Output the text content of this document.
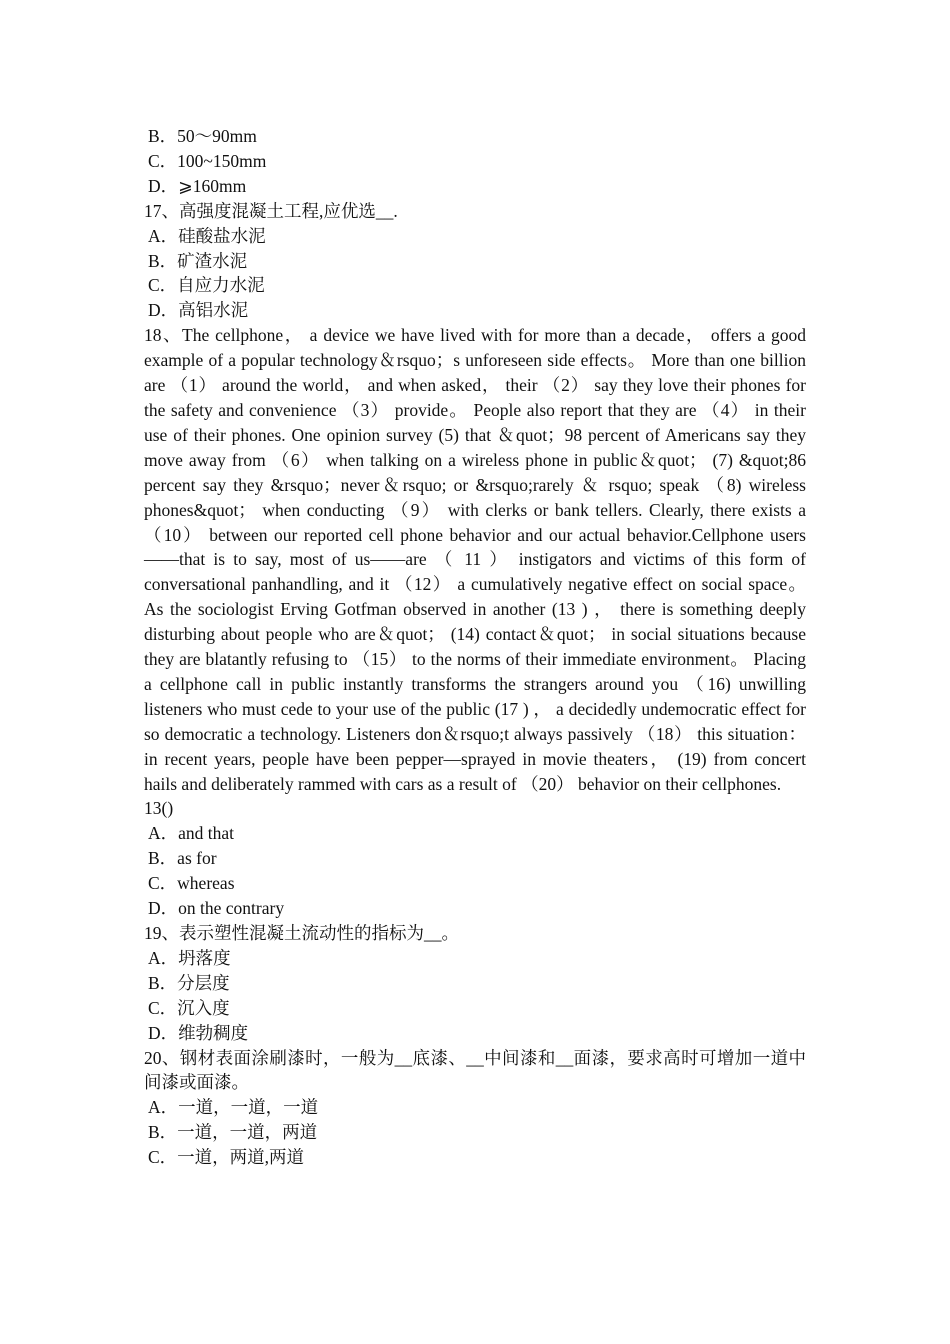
B．50～90mm
C．100~150mm
D．⩾160mm
17、高强度混凝土工程,应优选__.
A．硅酸盐水泥
B．矿渣水泥
C．自应力水泥
D．高铝水泥
18、The cellphone， a device we have lived with for more than a decade， offers a good example of a popular technology＆rsquo；s unforeseen side effects。 More than one billion are （1） around the world， and when asked， their （2） say they love their phones for the safety and convenience （3） provide。 People also report that they are （4） in their use of their phones. One opinion survey (5) that ＆quot；98 percent of Americans say they move away from （6） when talking on a wireless phone in public＆quot； (7) &quot;86 percent say they &rsquo；never＆rsquo; or &rsquo;rarely ＆ rsquo; speak （8) wireless phones&quot； when conducting （9） with clerks or bank tellers. Clearly, there exists a （10） between our reported cell phone behavior and our actual behavior.Cellphone users——that is to say, most of us——are （ 11 ） instigators and victims of this form of conversational panhandling, and it （12） a cumulatively negative effect on social space。 As the sociologist Erving Gotfman observed in another (13 ) ， there is something deeply disturbing about people who are＆quot； (14) contact＆quot； in social situations because they are blatantly refusing to （15） to the norms of their immediate environment。 Placing a cellphone call in public instantly transforms the strangers around you （16) unwilling listeners who must cede to your use of the public (17 ) ， a decidedly undemocratic effect for so democratic a technology. Listeners don＆rsquo;t always passively （18） this situation： in recent years, people have been pepper—sprayed in movie theaters， (19) from concert hails and deliberately rammed with cars as a result of （20） behavior on their cellphones.
13()
A．and that
B．as for
C．whereas
D．on the contrary
19、表示塑性混凝土流动性的指标为__。
A．坍落度
B．分层度
C．沉入度
D．维勃稠度
20、钢材表面涂刷漆时，一般为__底漆、__中间漆和__面漆，要求高时可增加一道中间漆或面漆。
A．一道，一道，一道
B．一道，一道，两道
C．一道，两道,两道
